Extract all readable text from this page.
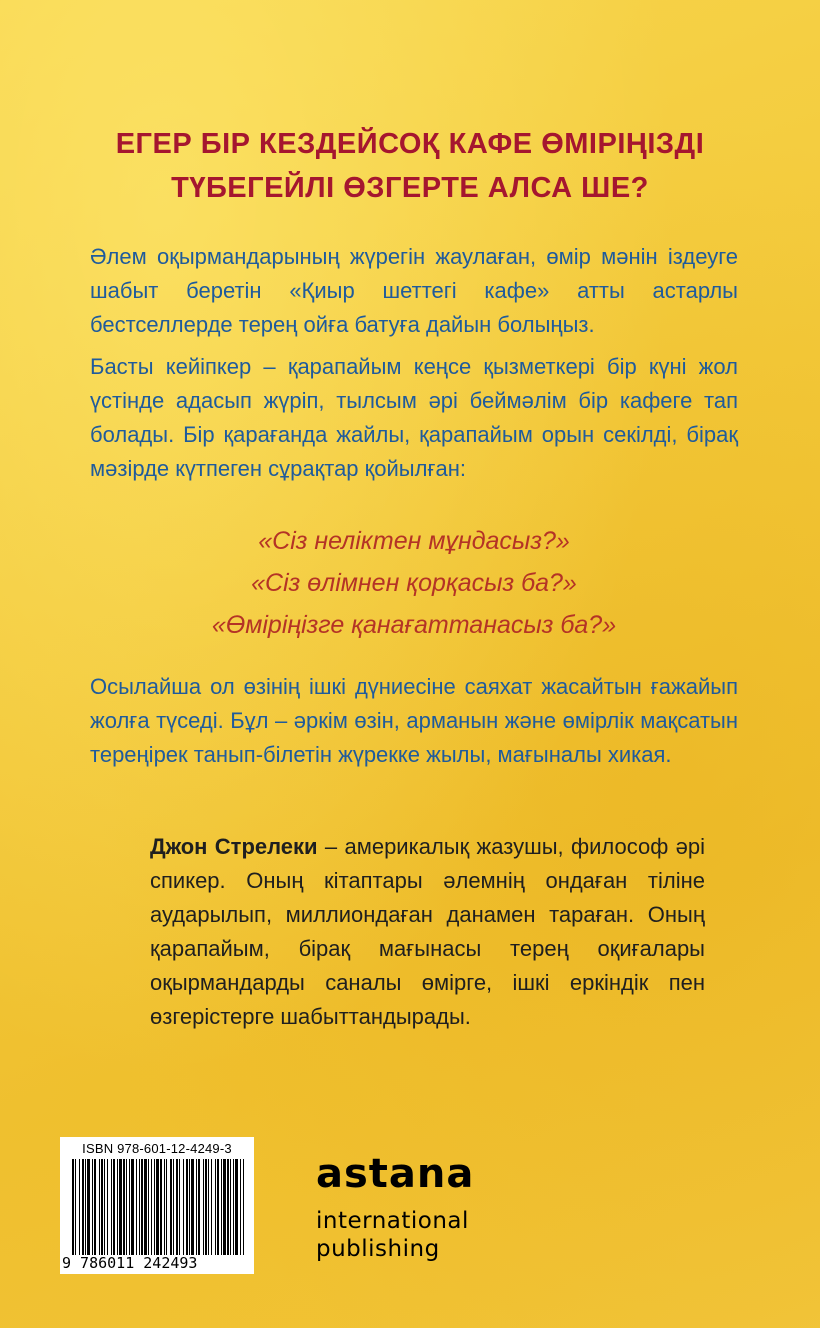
ЕГЕР БІР КЕЗДЕЙСОҚ КАФЕ ӨМІРІҢІЗДІ
ТҮБЕГЕЙЛІ ӨЗГЕРТЕ АЛСА ШЕ?

Әлем оқырмандарының жүрегін жаулаған, өмір мәнін іздеуге шабыт беретін «Қиыр шеттегі кафе» атты астарлы бестселлерде терең ойға батуға дайын болыңыз.

Басты кейіпкер – қарапайым кеңсе қызметкері бір күні жол үстінде адасып жүріп, тылсым әрі беймәлім бір кафеге тап болады. Бір қарағанда жайлы, қарапайым орын секілді, бірақ мәзірде күтпеген сұрақтар қойылған:

«Сіз неліктен мұндасыз?»
«Сіз өлімнен қорқасыз ба?»
«Өміріңізге қанағаттанасыз ба?»

Осылайша ол өзінің ішкі дүниесіне саяхат жасайтын ғажайып жолға түседі. Бұл – әркім өзін, арманын және өмірлік мақсатын тереңірек танып-білетін жүрекке жылы, мағыналы хикая.

Джон Стрелеки – америкалық жазушы, философ әрі спикер. Оның кітаптары әлемнің ондаған тіліне аударылып, миллиондаған данамен тараған. Оның қарапайым, бірақ мағынасы терең оқиғалары оқырмандарды саналы өмірге, ішкі еркіндік пен өзгерістерге шабыттандырады.

ISBN 978-601-12-4249-3
9 786011 242493
astana
international
publishing
